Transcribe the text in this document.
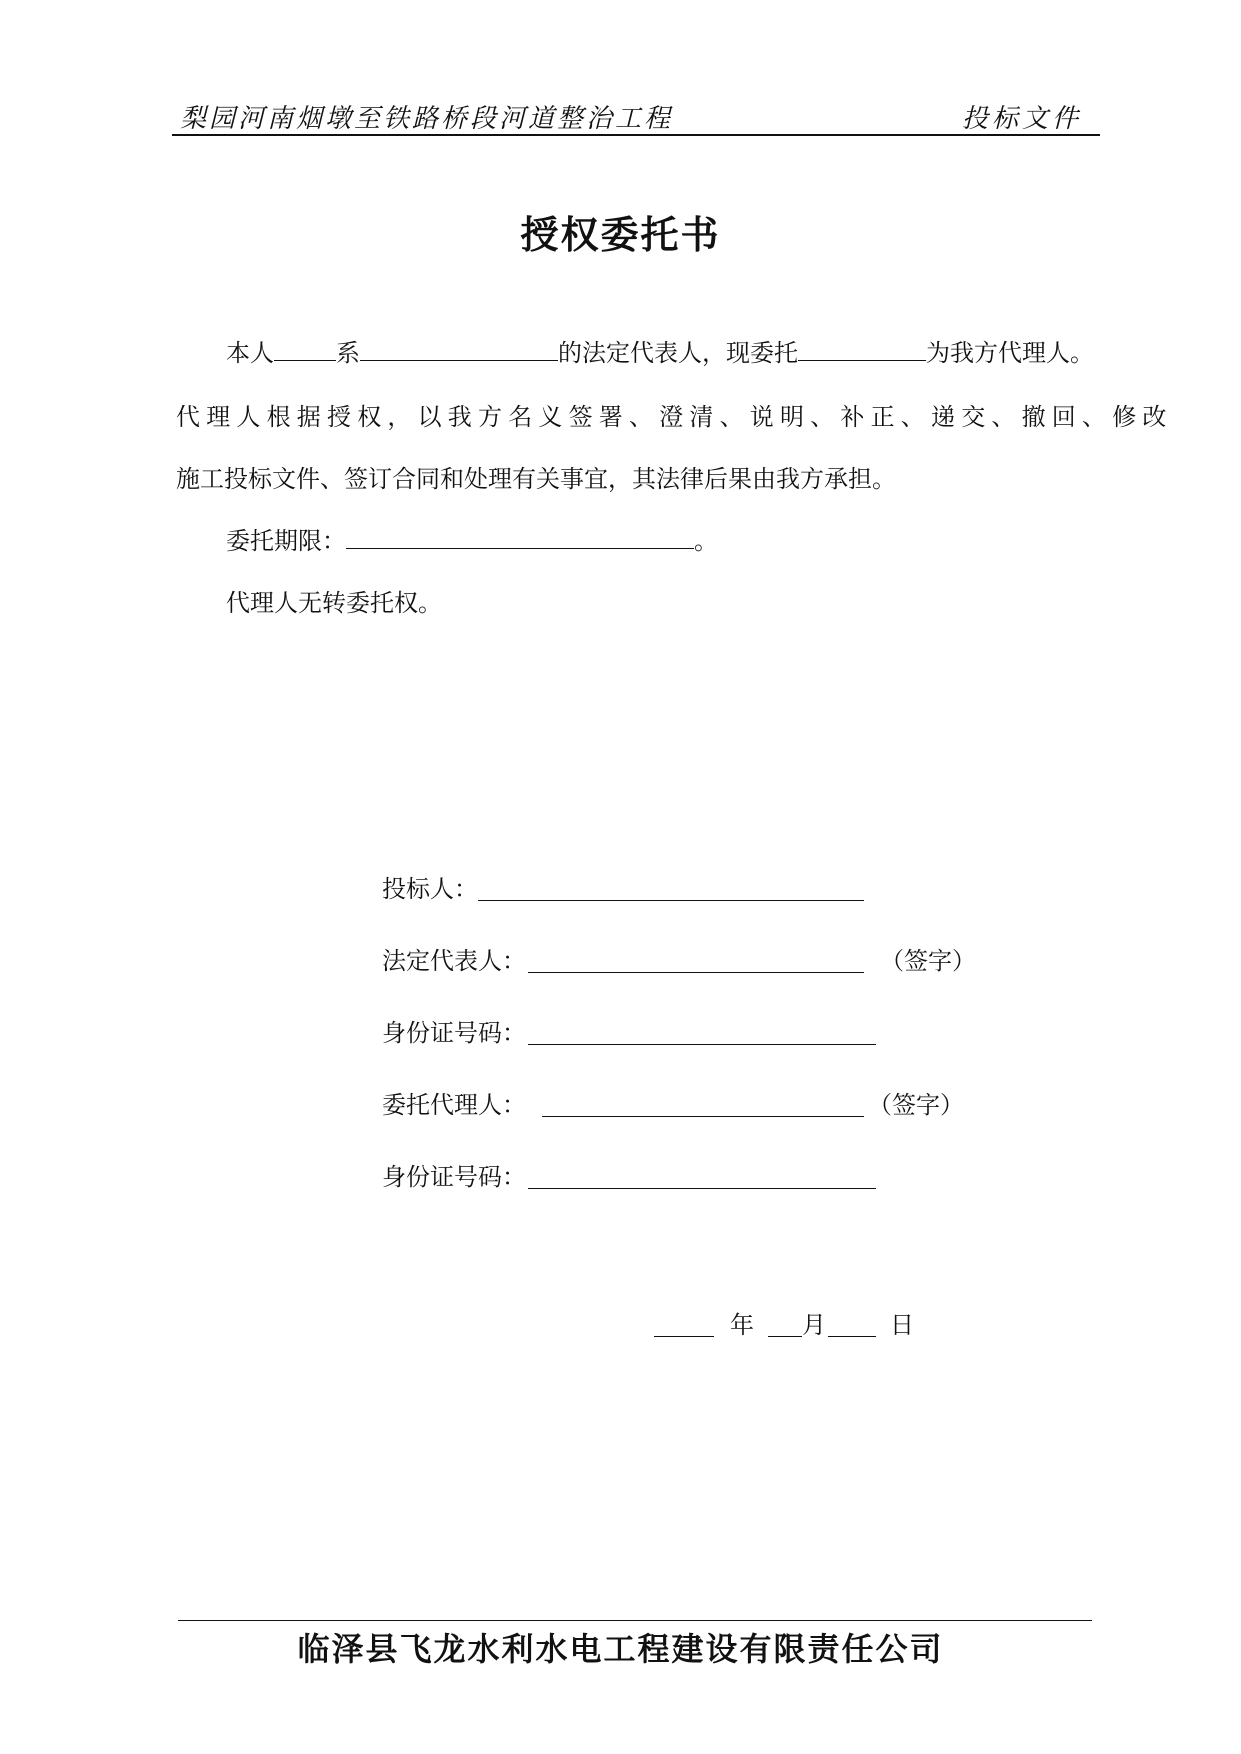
梨园河南烟墩至铁路桥段河道整治工程	投标文件
授权委托书
本人	系	的法定代表人，现委托	为我方代理人。
代理人根据授权，以我方名义签署、澄清、说明、补正、递交、撤回、修改
施工投标文件、签订合同和处理有关事宜，其法律后果由我方承担。
委托期限：	。
代理人无转委托权。
投标人：
法定代表人：	（签字）
身份证号码：
委托代理人：	（签字）
身份证号码：
年 月	日
临泽县飞龙水利水电工程建设有限责任公司
